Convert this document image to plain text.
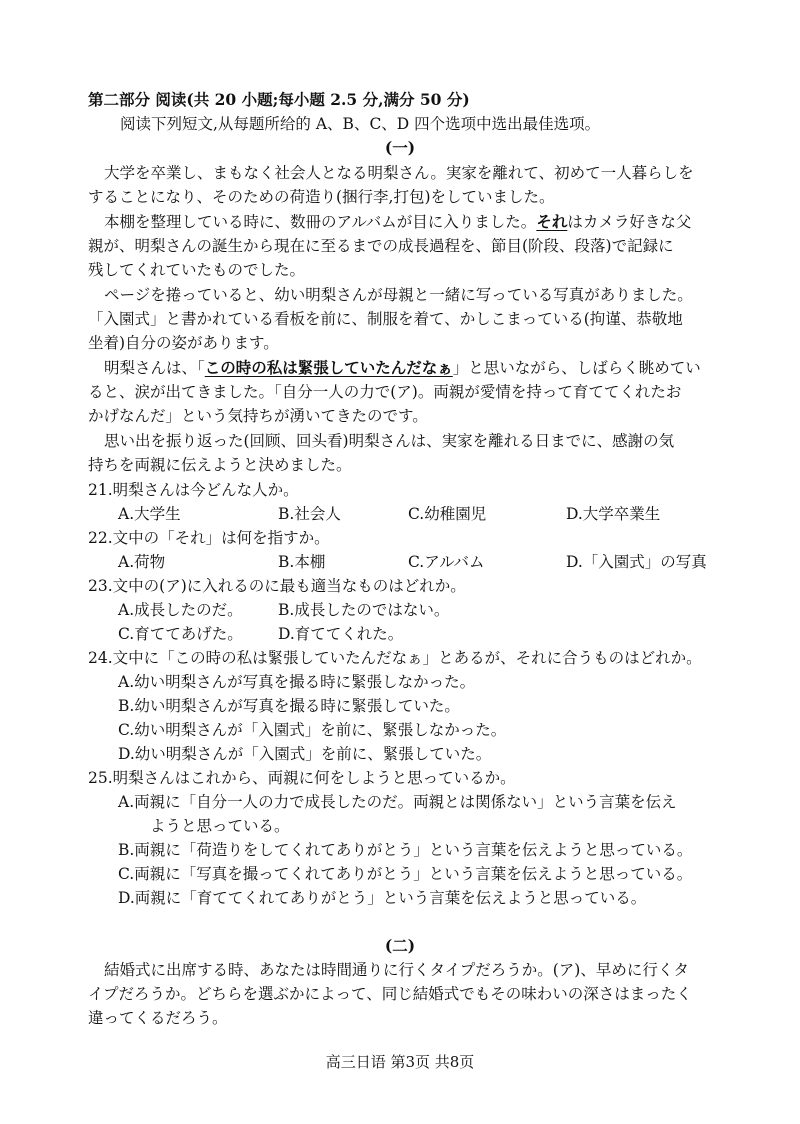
第二部分 阅读(共 20 小题;每小题 2.5 分,满分 50 分)
阅读下列短文,从每题所给的 A、B、C、D 四个选项中选出最佳选项。
(一)
大学を卒業し、まもなく社会人となる明梨さん。実家を離れて、初めて一人暮らしを
することになり、そのための荷造り(捆行李,打包)をしていました。
本棚を整理している時に、数冊のアルバムが目に入りました。それはカメラ好きな父
親が、明梨さんの誕生から現在に至るまでの成長過程を、節目(阶段、段落)で記録に
残してくれていたものでした。
ページを捲っていると、幼い明梨さんが母親と一緒に写っている写真がありました。
「入園式」と書かれている看板を前に、制服を着て、かしこまっている(拘谨、恭敬地
坐着)自分の姿があります。
明梨さんは、「この時の私は緊張していたんだなぁ」と思いながら、しばらく眺めてい
ると、涙が出てきました。「自分一人の力で(ア)。両親が愛情を持って育ててくれたお
かげなんだ」という気持ちが湧いてきたのです。
思い出を振り返った(回顾、回头看)明梨さんは、実家を離れる日までに、感謝の気
持ちを両親に伝えようと決めました。
21.明梨さんは今どんな人か。
A.大学生	B.社会人	C.幼稚園児	D.大学卒業生
22.文中の「それ」は何を指すか。
A.荷物	B.本棚	C.アルバム	D.「入園式」の写真
23.文中の(ア)に入れるのに最も適当なものはどれか。
A.成長したのだ。 B.成長したのではない。
C.育ててあげた。 D.育ててくれた。
24.文中に「この時の私は緊張していたんだなぁ」とあるが、それに合うものはどれか。
A.幼い明梨さんが写真を撮る時に緊張しなかった。
B.幼い明梨さんが写真を撮る時に緊張していた。
C.幼い明梨さんが「入園式」を前に、緊張しなかった。
D.幼い明梨さんが「入園式」を前に、緊張していた。
25.明梨さんはこれから、両親に何をしようと思っているか。
A.両親に「自分一人の力で成長したのだ。両親とは関係ない」という言葉を伝え
ようと思っている。
B.両親に「荷造りをしてくれてありがとう」という言葉を伝えようと思っている。
C.両親に「写真を撮ってくれてありがとう」という言葉を伝えようと思っている。
D.両親に「育ててくれてありがとう」という言葉を伝えようと思っている。
(二)
結婚式に出席する時、あなたは時間通りに行くタイプだろうか。(ア)、早めに行くタ
イプだろうか。どちらを選ぶかによって、同じ結婚式でもその味わいの深さはまったく
違ってくるだろう。
高三日语 第3页 共8页
